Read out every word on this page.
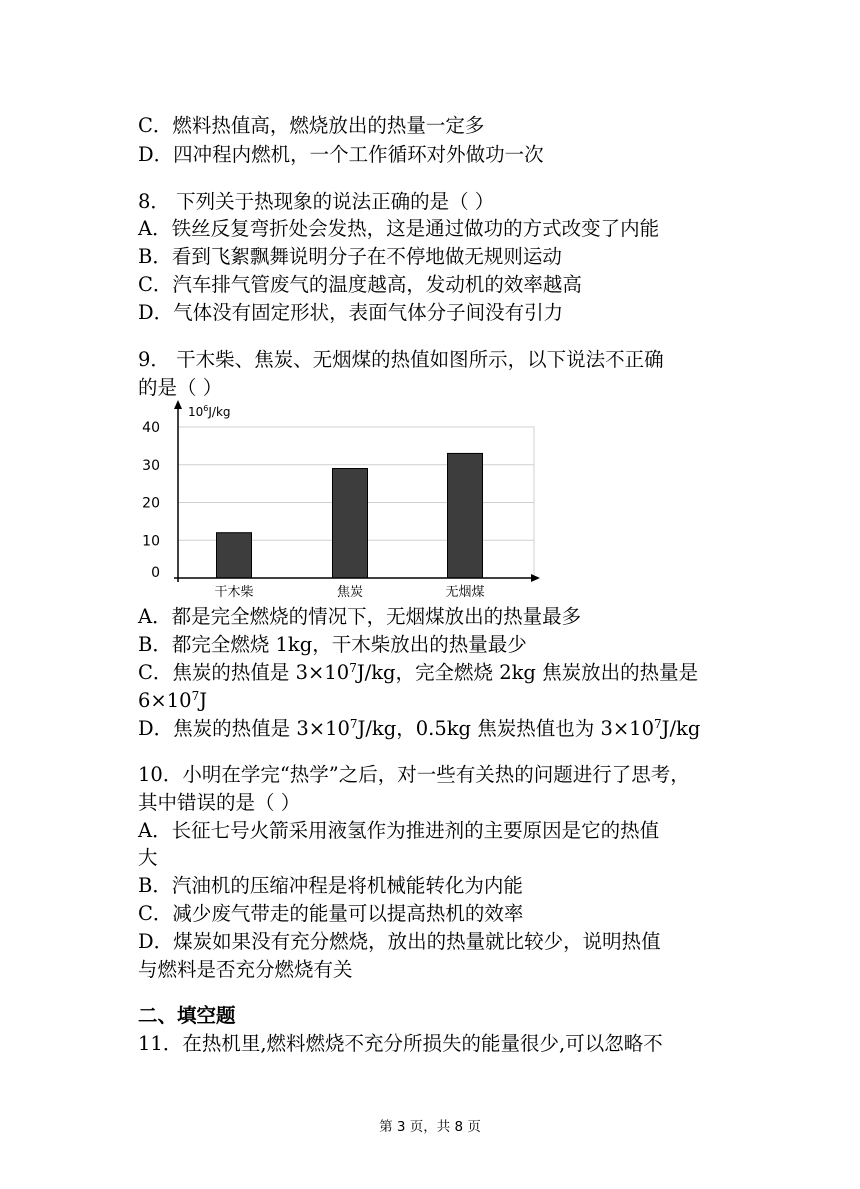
C．燃料热值高，燃烧放出的热量一定多
D．四冲程内燃机，一个工作循环对外做功一次
8． 下列关于热现象的说法正确的是（ ）
A．铁丝反复弯折处会发热，这是通过做功的方式改变了内能
B．看到飞絮飘舞说明分子在不停地做无规则运动
C．汽车排气管废气的温度越高，发动机的效率越高
D．气体没有固定形状，表面气体分子间没有引力
9． 干木柴、焦炭、无烟煤的热值如图所示，以下说法不正确
的是（ ）
0
10
20
30
40
干木柴	焦炭	无烟煤
$10^6J/kg$
A．都是完全燃烧的情况下，无烟煤放出的热量最多
B．都完全燃烧 1kg，干木柴放出的热量最少
C．焦炭的热值是 $3\times 10^7J/kg$，完全燃烧 2kg 焦炭放出的热量是
$6\times 10^7J$
D．焦炭的热值是 $3\times 10^7J/kg$，0.5kg 焦炭热值也为 $3\times 10^7J/kg$
10．小明在学完“热学”之后，对一些有关热的问题进行了思考，
其中错误的是（ ）
A．长征七号火箭采用液氢作为推进剂的主要原因是它的热值
大
B．汽油机的压缩冲程是将机械能转化为内能
C．减少废气带走的能量可以提高热机的效率
D．煤炭如果没有充分燃烧，放出的热量就比较少，说明热值
与燃料是否充分燃烧有关
二、填空题
11．在热机里,燃料燃烧不充分所损失的能量很少,可以忽略不
第 3 页，共 8 页
